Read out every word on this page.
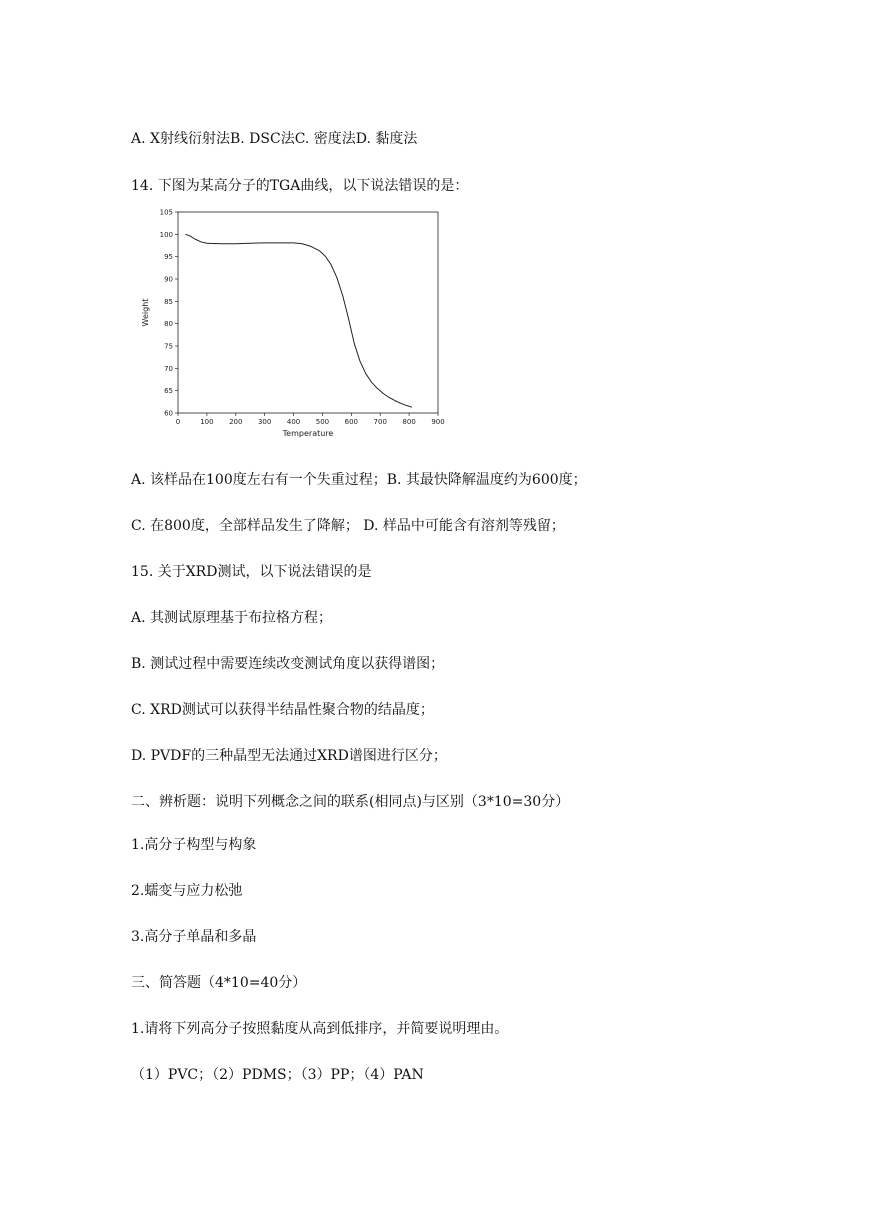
A. X射线衍射法B. DSC法C. 密度法D. 黏度法
14. 下图为某高分子的TGA曲线，以下说法错误的是：
0	100 200 300 400 500 600 700 800 900
60
65
70
75
80
85
90
95
100
105
Temperature
Weight
A. 该样品在100度左右有一个失重过程；B. 其最快降解温度约为600度；
C. 在800度，全部样品发生了降解； D. 样品中可能含有溶剂等残留；
15. 关于XRD测试，以下说法错误的是
A. 其测试原理基于布拉格方程；
B. 测试过程中需要连续改变测试角度以获得谱图；
C. XRD测试可以获得半结晶性聚合物的结晶度；
D. PVDF的三种晶型无法通过XRD谱图进行区分；
二、辨析题：说明下列概念之间的联系(相同点)与区别（3*10=30分）
1.高分子构型与构象
2.蠕变与应力松弛
3.高分子单晶和多晶
三、简答题（4*10=40分）
1.请将下列高分子按照黏度从高到低排序，并简要说明理由。
（1）PVC；（2）PDMS；（3）PP；（4）PAN
